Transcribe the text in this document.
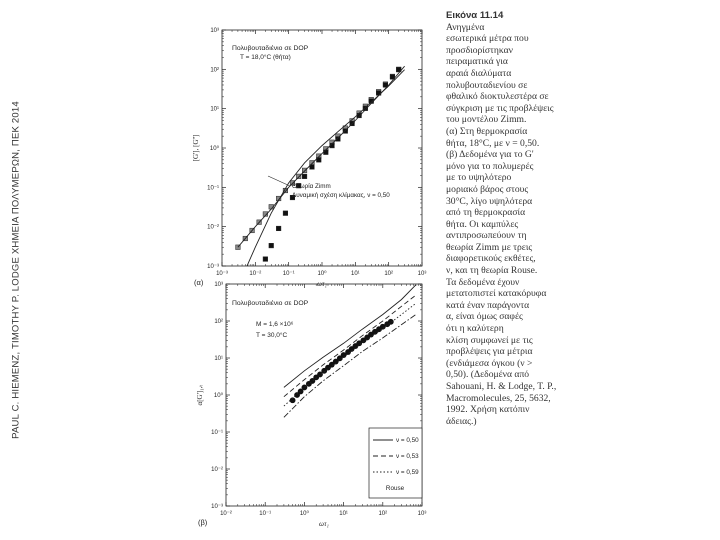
PAUL C. HIEMENZ, TIMOTHY P. LODGE ΧΗΜΕΙΑ ΠΟΛΥΜΕΡΩΝ, ΠΕΚ 2014	10⁻³	10⁻²	10⁻¹	10⁰	10¹	10²	10³
10⁻³
10⁻²
10⁻¹
10⁰
10¹
10²
10³
ωτ₁
[G'], [G'']
(α)
Πολυβουταδιένιο σε DOP
T = 18,0°C (θήτα)
Θεωρία Zimm
Δυναμική σχέση κλίμακας, ν = 0,50
10⁻²	10⁻¹	10⁰	10¹	10²	10³
10⁻³
10⁻²
10⁻¹
10⁰
10¹
10²
10³
ωτ₁
α[G']₁,ₜ
(β)
Πολυβουταδιένιο σε DOP
M = 1,6 ×10⁶
T = 30,0°C
ν = 0,50
ν = 0,53
ν = 0,59
Rouse
Εικόνα 11.14
Ανηγμένα
εσωτερικά μέτρα που
προσδιορίστηκαν
πειραματικά για
αραιά διαλύματα
πολυβουταδιενίου σε
φθαλικό διοκτυλεστέρα σε
σύγκριση με τις προβλέψεις
του μοντέλου Zimm.
(α) Στη θερμοκρασία
θήτα, 18°C, με ν = 0,50.
(β) Δεδομένα για το G'
μόνο για το πολυμερές
με το υψηλότερο
μοριακό βάρος στους
30°C, λίγο υψηλότερα
από τη θερμοκρασία
θήτα. Οι καμπύλες
αντιπροσωπεύουν τη
θεωρία Zimm με τρεις
διαφορετικούς εκθέτες,
ν, και τη θεωρία Rouse.
Τα δεδομένα έχουν
μετατοπιστεί κατακόρυφα
κατά έναν παράγοντα
α, είναι όμως σαφές
ότι η καλύτερη
κλίση συμφωνεί με τις
προβλέψεις για μέτρια
(ενδιάμεσα όγκου (ν >
0,50). (Δεδομένα από
Sahouani, H. & Lodge, T. P.,
Macromolecules, 25, 5632,
1992. Χρήση κατόπιν
άδειας.)
